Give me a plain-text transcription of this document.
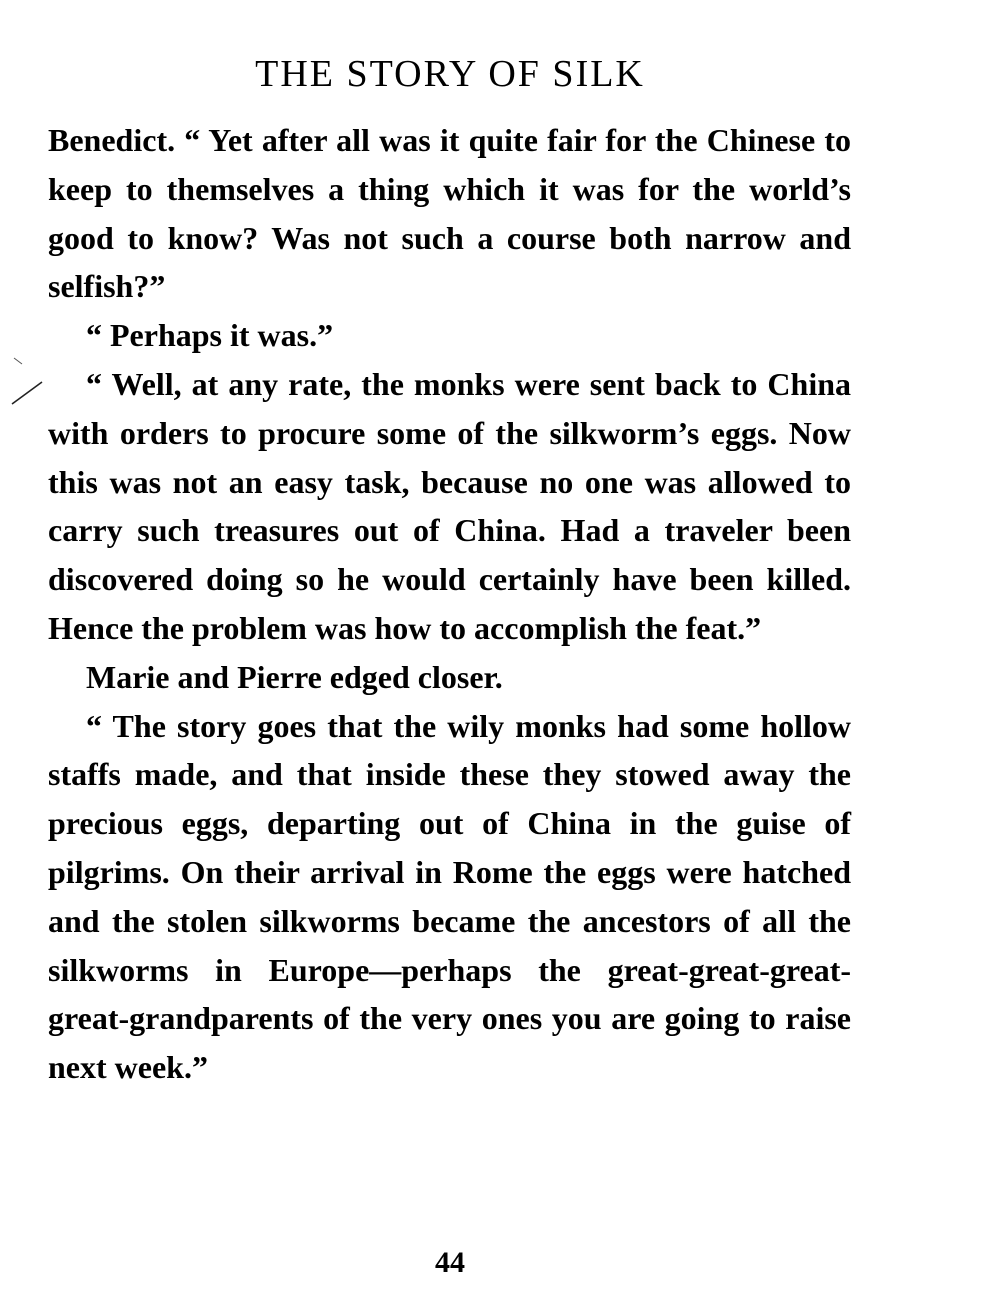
THE STORY OF SILK

Benedict. “ Yet after all was it quite fair for the Chinese to keep to themselves a thing which it was for the world’s good to know? Was not such a course both narrow and selfish?”

“ Perhaps it was.”

“ Well, at any rate, the monks were sent back to China with orders to procure some of the silkworm’s eggs. Now this was not an easy task, because no one was allowed to carry such treasures out of China. Had a traveler been discovered doing so he would certainly have been killed. Hence the problem was how to accomplish the feat.”

Marie and Pierre edged closer.

“ The story goes that the wily monks had some hollow staffs made, and that inside these they stowed away the precious eggs, departing out of China in the guise of pilgrims. On their arrival in Rome the eggs were hatched and the stolen silkworms became the ancestors of all the silkworms in Europe—perhaps the great-great-great-great-grandparents of the very ones you are going to raise next week.”

44
